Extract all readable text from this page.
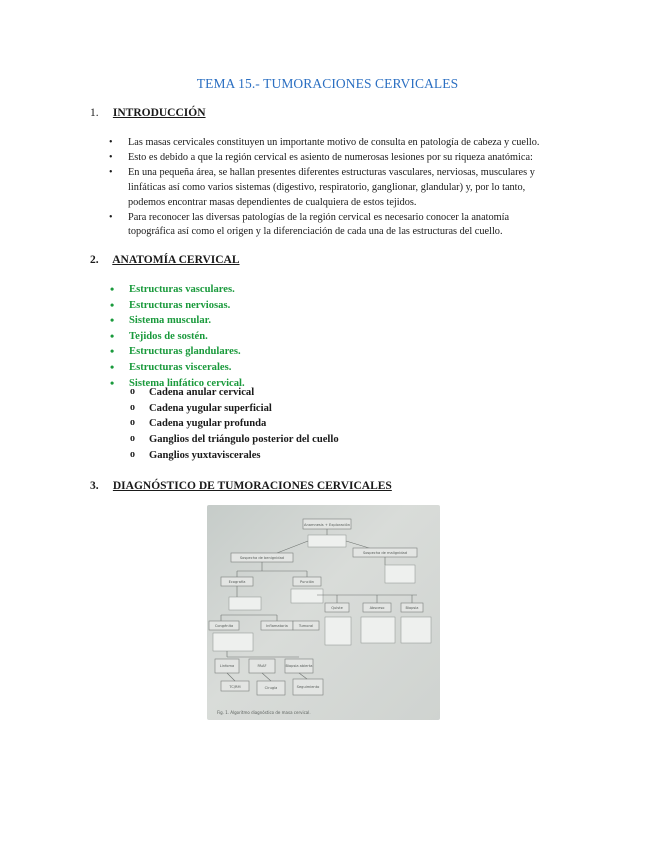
TEMA 15.- TUMORACIONES CERVICALES
1. INTRODUCCIÓN
• Las masas cervicales constituyen un importante motivo de consulta en patología de cabeza y cuello.
• Esto es debido a que la región cervical es asiento de numerosas lesiones por su riqueza anatómica:
• En una pequeña área, se hallan presentes diferentes estructuras vasculares, nerviosas, musculares y
linfáticas así como varios sistemas (digestivo, respiratorio, ganglionar, glandular) y, por lo tanto,
podemos encontrar masas dependientes de cualquiera de estos tejidos.
• Para reconocer las diversas patologías de la región cervical es necesario conocer la anatomía
topográfica así como el origen y la diferenciación de cada una de las estructuras del cuello.
2. ANATOMÍA CERVICAL
• Estructuras vasculares.
• Estructuras nerviosas.
• Sistema muscular.
• Tejidos de sostén.
• Estructuras glandulares.
• Estructuras viscerales.
• Sistema linfático cervical.
o Cadena anular cervical
o Cadena yugular superficial
o Cadena yugular profunda
o Ganglios del triángulo posterior del cuello
o Ganglios yuxtaviscerales
3. DIAGNÓSTICO DE TUMORACIONES CERVICALES
Anamnesis + Exploración
Sospecha de benignidad
Sospecha de malignidad
Ecografía	Punción
Congénita	Inflamatoria	Tumoral
Quiste	Absceso	Biopsia
Linfoma	PAAF	Biopsia abierta
TC/RM	Cirugía	Seguimiento
Fig. 1. Algoritmo diagnóstico de masa cervical.
